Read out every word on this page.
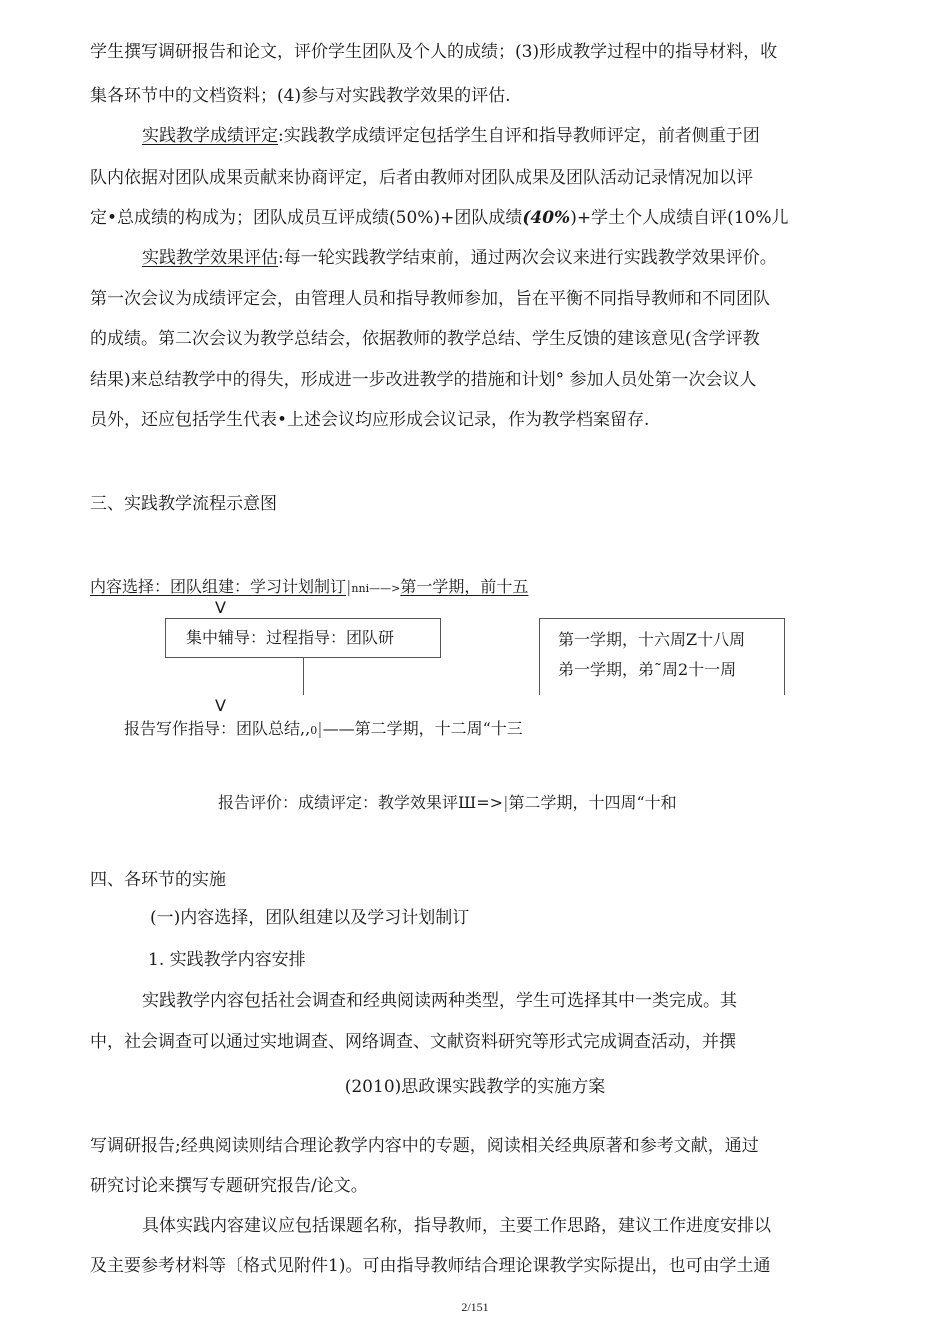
学生撰写调研报告和论文，评价学生团队及个人的成绩；(3)形成教学过程中的指导材料，收

集各环节中的文档资料；(4)参与对实践教学效果的评估.

实践教学成绩评定:实践教学成绩评定包括学生自评和指导教师评定，前者侧重于团

队内依据对团队成果贡献来协商评定，后者由教师对团队成果及团队活动记录情况加以评

定•总成绩的构成为；团队成员互评成绩(50%)+团队成绩(40%)+学土个人成绩自评(10%儿

实践教学效果评估:每一轮实践教学结束前，通过两次会议来进行实践教学效果评价。

第一次会议为成绩评定会，由管理人员和指导教师参加，旨在平衡不同指导教师和不同团队

的成绩。第二次会议为教学总结会，依据教师的教学总结、学生反馈的建该意见(含学评教

结果)来总结教学中的得失，形成进一步改进教学的措施和计划° 参加人员处第一次会议人

员外，还应包括学生代表•上述会议均应形成会议记录，作为教学档案留存.

三、实践教学流程示意图

内容选择：团队组建：学习计划制订|nni——>第一学期，前十五
V
集中辅导：过程指导：团队研	第一学期，十六周Z十八周
弟一学期，弟˜周2十一周
V
报告写作指导：团队总结,,0|——第二学期，十二周“十三
报告评价：成绩评定：教学效果评Ш=>|第二学期，十四周“十和

四、各环节的实施

(一)内容选择，团队组建以及学习计划制订

1. 实践教学内容安排

实践教学内容包括社会调查和经典阅读两种类型，学生可选择其中一类完成。其

中，社会调查可以通过实地调查、网络调查、文献资料研究等形式完成调查活动，并撰

(2010)思政课实践教学的实施方案

写调研报告;经典阅读则结合理论教学内容中的专题，阅读相关经典原著和参考文献，通过

研究讨论来撰写专题研究报告/论文。

具体实践内容建议应包括课题名称，指导教师，主要工作思路，建议工作进度安排以

及主要参考材料等〔格式见附件1)。可由指导教师结合理论课教学实际提出，也可由学土通

2/151
